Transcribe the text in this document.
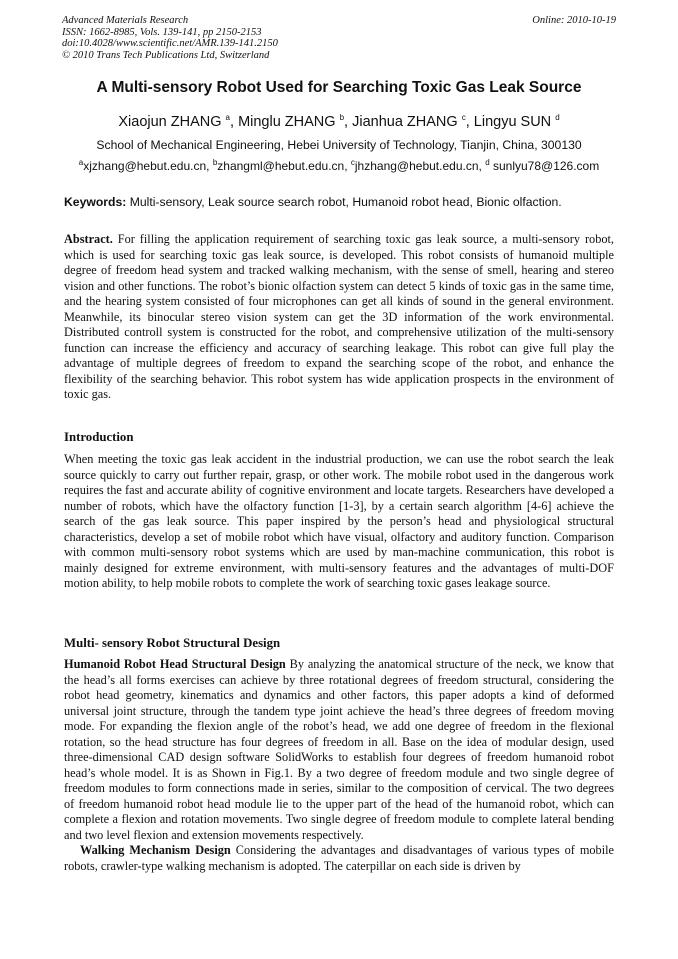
Advanced Materials Research
ISSN: 1662-8985, Vols. 139-141, pp 2150-2153
doi:10.4028/www.scientific.net/AMR.139-141.2150
© 2010 Trans Tech Publications Ltd, Switzerland
Online: 2010-10-19
A Multi-sensory Robot Used for Searching Toxic Gas Leak Source
Xiaojun ZHANG $^a$, Minglu ZHANG $^b$, Jianhua ZHANG $^c$, Lingyu SUN $^d$
School of Mechanical Engineering, Hebei University of Technology, Tianjin, China, 300130
$^a$xjzhang@hebut.edu.cn, $^b$zhangml@hebut.edu.cn, $^c$jhzhang@hebut.edu.cn, $^d$ sunlyu78@126.com
Keywords: Multi-sensory, Leak source search robot, Humanoid robot head, Bionic olfaction.
Abstract. For filling the application requirement of searching toxic gas leak source, a multi-sensory robot, which is used for searching toxic gas leak source, is developed. This robot consists of humanoid multiple degree of freedom head system and tracked walking mechanism, with the sense of smell, hearing and stereo vision and other functions. The robot’s bionic olfaction system can detect 5 kinds of toxic gas in the same time, and the hearing system consisted of four microphones can get all kinds of sound in the general environment. Meanwhile, its binocular stereo vision system can get the 3D information of the work environmental. Distributed controll system is constructed for the robot, and comprehensive utilization of the multi-sensory function can increase the efficiency and accuracy of searching leakage. This robot can give full play the advantage of multiple degrees of freedom to expand the searching scope of the robot, and enhance the flexibility of the searching behavior. This robot system has wide application prospects in the environment of toxic gas.
Introduction
When meeting the toxic gas leak accident in the industrial production, we can use the robot search the leak source quickly to carry out further repair, grasp, or other work. The mobile robot used in the dangerous work requires the fast and accurate ability of cognitive environment and locate targets. Researchers have developed a number of robots, which have the olfactory function [1-3], by a certain search algorithm [4-6] achieve the search of the gas leak source. This paper inspired by the person’s head and physiological structural characteristics, develop a set of mobile robot which have visual, olfactory and auditory function. Comparison with common multi-sensory robot systems which are used by man-machine communication, this robot is mainly designed for extreme environment, with multi-sensory features and the advantages of multi-DOF motion ability, to help mobile robots to complete the work of searching toxic gases leakage source.
Multi- sensory Robot Structural Design
Humanoid Robot Head Structural Design By analyzing the anatomical structure of the neck, we know that the head’s all forms exercises can achieve by three rotational degrees of freedom structural, considering the robot head geometry, kinematics and dynamics and other factors, this paper adopts a kind of deformed universal joint structure, through the tandem type joint achieve the head’s three degrees of freedom moving mode. For expanding the flexion angle of the robot’s head, we add one degree of freedom in the flexional rotation, so the head structure has four degrees of freedom in all. Base on the idea of modular design, used three-dimensional CAD design software SolidWorks to establish four degrees of freedom humanoid robot head’s whole model. It is as Shown in Fig.1. By a two degree of freedom module and two single degree of freedom modules to form connections made in series, similar to the composition of cervical. The two degrees of freedom humanoid robot head module lie to the upper part of the head of the humanoid robot, which can complete a flexion and rotation movements. Two single degree of freedom module to complete lateral bending and two level flexion and extension movements respectively.
Walking Mechanism Design Considering the advantages and disadvantages of various types of mobile robots, crawler-type walking mechanism is adopted. The caterpillar on each side is driven by
